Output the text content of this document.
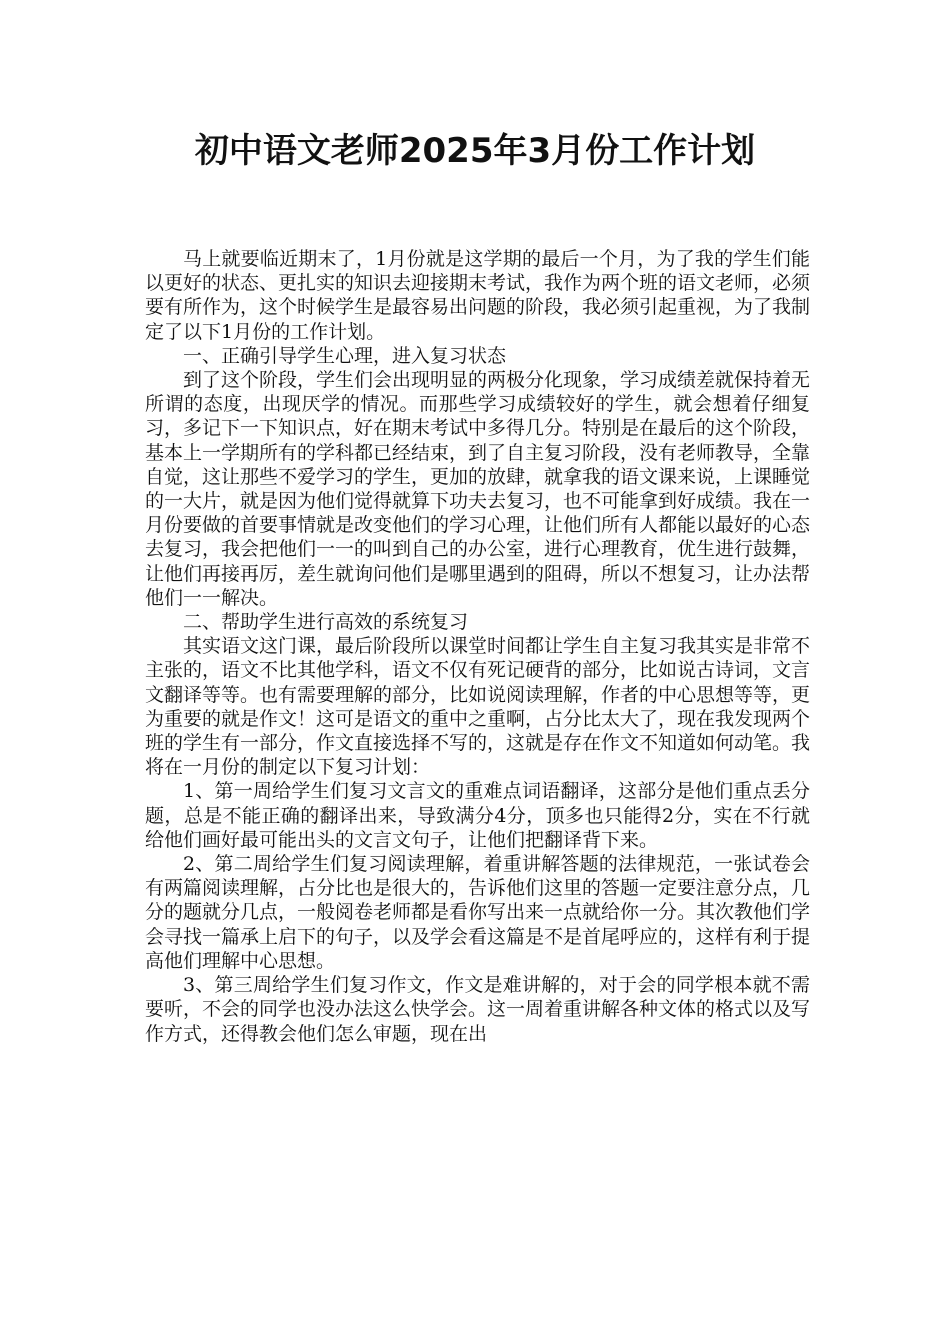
初中语文老师2025年3月份工作计划

马上就要临近期末了，1月份就是这学期的最后一个月，为了我的学生们能以更好的状态、更扎实的知识去迎接期末考试，我作为两个班的语文老师，必须要有所作为，这个时候学生是最容易出问题的阶段，我必须引起重视，为了我制定了以下1月份的工作计划。

一、正确引导学生心理，进入复习状态

到了这个阶段，学生们会出现明显的两极分化现象，学习成绩差就保持着无所谓的态度，出现厌学的情况。而那些学习成绩较好的学生，就会想着仔细复习，多记下一下知识点，好在期末考试中多得几分。特别是在最后的这个阶段，基本上一学期所有的学科都已经结束，到了自主复习阶段，没有老师教导，全靠自觉，这让那些不爱学习的学生，更加的放肆，就拿我的语文课来说，上课睡觉的一大片，就是因为他们觉得就算下功夫去复习，也不可能拿到好成绩。我在一月份要做的首要事情就是改变他们的学习心理，让他们所有人都能以最好的心态去复习，我会把他们一一的叫到自己的办公室，进行心理教育，优生进行鼓舞，让他们再接再厉，差生就询问他们是哪里遇到的阻碍，所以不想复习，让办法帮他们一一解决。

二、帮助学生进行高效的系统复习

其实语文这门课，最后阶段所以课堂时间都让学生自主复习我其实是非常不主张的，语文不比其他学科，语文不仅有死记硬背的部分，比如说古诗词，文言文翻译等等。也有需要理解的部分，比如说阅读理解，作者的中心思想等等，更为重要的就是作文！这可是语文的重中之重啊，占分比太大了，现在我发现两个班的学生有一部分，作文直接选择不写的，这就是存在作文不知道如何动笔。我将在一月份的制定以下复习计划：

1、第一周给学生们复习文言文的重难点词语翻译，这部分是他们重点丢分题，总是不能正确的翻译出来，导致满分4分，顶多也只能得2分，实在不行就给他们画好最可能出头的文言文句子，让他们把翻译背下来。

2、第二周给学生们复习阅读理解，着重讲解答题的法律规范，一张试卷会有两篇阅读理解，占分比也是很大的，告诉他们这里的答题一定要注意分点，几分的题就分几点，一般阅卷老师都是看你写出来一点就给你一分。其次教他们学会寻找一篇承上启下的句子，以及学会看这篇是不是首尾呼应的，这样有利于提高他们理解中心思想。

3、第三周给学生们复习作文，作文是难讲解的，对于会的同学根本就不需要听，不会的同学也没办法这么快学会。这一周着重讲解各种文体的格式以及写作方式，还得教会他们怎么审题，现在出
